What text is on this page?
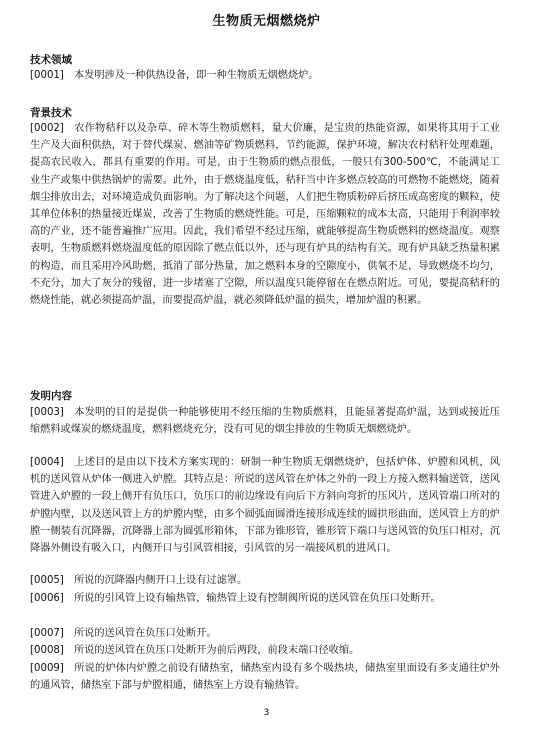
生物质无烟燃烧炉
技术领域
[0001] 本发明涉及一种供热设备，即一种生物质无烟燃烧炉。
背景技术
[0002] 农作物秸秆以及杂草、碎木等生物质燃料，量大价廉，是宝贵的热能资源，如果将其用于工业生产及大面积供热，对于替代煤炭、燃油等矿物质燃料，节约能源，保护环境，解决农村秸秆处理难题，提高农民收入，都具有重要的作用。可是，由于生物质的燃点很低，一般只有300-500℃，不能满足工业生产或集中供热锅炉的需要。此外，由于燃烧温度低，秸秆当中许多燃点较高的可燃物不能燃烧，随着烟尘排放出去，对环境造成负面影响。为了解决这个问题，人们把生物质粉碎后挤压成高密度的颗粒，使其单位体积的热量接近煤炭，改善了生物质的燃烧性能。可是，压缩颗粒的成本太高，只能用于利润率较高的产业，还不能普遍推广应用。因此，我们希望不经过压缩，就能够提高生物质燃料的燃烧温度。观察表明，生物质燃料燃烧温度低的原因除了燃点低以外，还与现有炉具的结构有关。现有炉具缺乏热量积累的构造，而且采用冷风助燃，抵消了部分热量，加之燃料本身的空隙度小，供氧不足，导致燃烧不均匀，不充分，加大了灰分的残留，进一步堵塞了空隙，所以温度只能停留在在燃点附近。可见，要提高秸秆的燃烧性能，就必须提高炉温，而要提高炉温，就必须降低炉温的损失，增加炉温的积累。
发明内容
[0003] 本发明的目的是提供一种能够使用不经压缩的生物质燃料，且能显著提高炉温，达到或接近压缩燃料或煤炭的燃烧温度，燃料燃烧充分，没有可见的烟尘排放的生物质无烟燃烧炉。
[0004] 上述目的是由以下技术方案实现的：研制一种生物质无烟燃烧炉，包括炉体、炉膛和风机，风机的送风管从炉体一侧进入炉膛。其特点是：所说的送风管在炉体之外的一段上方接入燃料输送管，送风管进入炉膛的一段上侧开有负压口，负压口的前边缘设有向后下方斜向弯折的压风片，送风管端口所对的炉膛内壁，以及送风管上方的炉膛内壁，由多个圆弧面圆滑连接形成连续的圆拱形曲面，送风管上方的炉膛一侧装有沉降器，沉降器上部为圆弧形箱体，下部为锥形管，锥形管下端口与送风管的负压口相对，沉降器外侧设有吸入口，内侧开口与引风管相接，引风管的另一端接风机的进风口。
[0005] 所说的沉降器内侧开口上设有过滤罩。
[0006] 所说的引风管上设有输热管，输热管上设有控制阀所说的送风管在负压口处断开。
[0007] 所说的送风管在负压口处断开。
[0008] 所说的送风管在负压口处断开为前后两段，前段末端口径收缩。
[0009] 所说的炉体内炉膛之前设有储热室，储热室内设有多个吸热块，储热室里面设有多支通往炉外的通风管，储热室下部与炉膛相通，储热室上方设有输热管。
3
